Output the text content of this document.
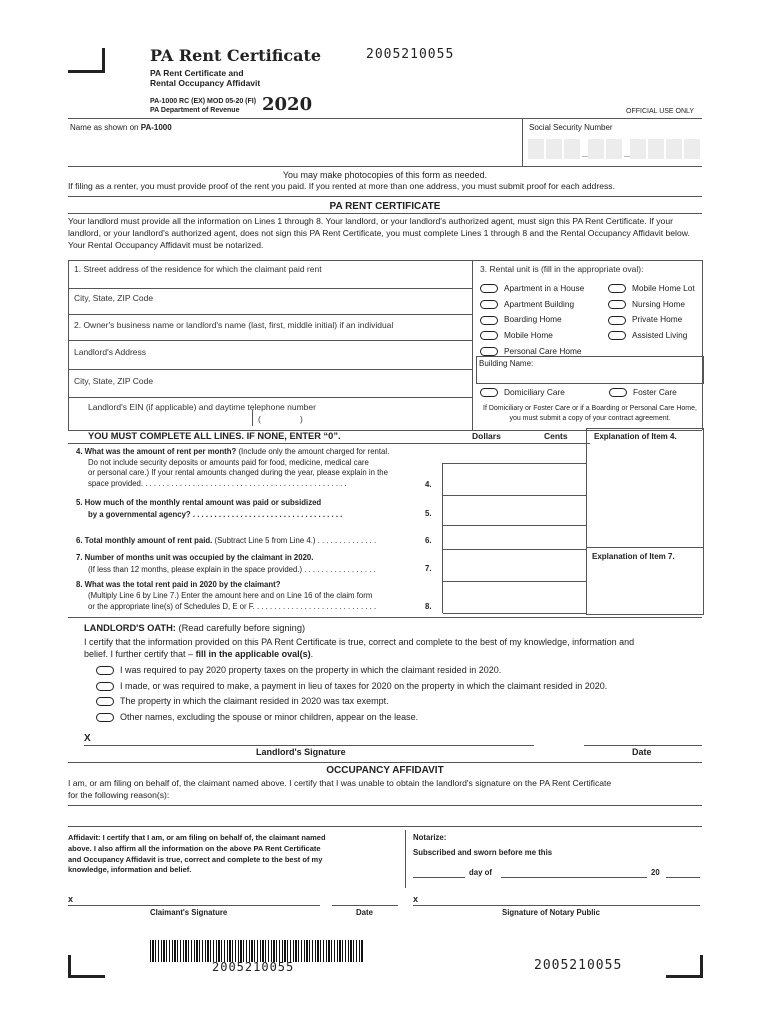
PA Rent Certificate	2005210055
PA Rent Certificate and
Rental Occupancy Affidavit
PA-1000 RC (EX) MOD 05-20 (FI)
PA Department of Revenue 2020	OFFICIAL USE ONLY
Name as shown on PA-1000	Social Security Number
You may make photocopies of this form as needed.
If filing as a renter, you must provide proof of the rent you paid. If you rented at more than one address, you must submit proof for each address.
PA RENT CERTIFICATE
Your landlord must provide all the information on Lines 1 through 8. Your landlord, or your landlord's authorized agent, must sign this PA Rent Certificate. If your landlord, or your landlord's authorized agent, does not sign this PA Rent Certificate, you must complete Lines 1 through 8 and the Rental Occupancy Affidavit below. Your Rental Occupancy Affidavit must be notarized.
1. Street address of the residence for which the claimant paid rent
City, State, ZIP Code
2. Owner's business name or landlord's name (last, first, middle initial) if an individual
Landlord's Address
City, State, ZIP Code
Landlord's EIN (if applicable) and daytime telephone number
(	)
3. Rental unit is (fill in the appropriate oval):
Apartment in a House	Mobile Home Lot
Apartment Building	Nursing Home
Boarding Home	Private Home
Mobile Home	Assisted Living
Personal Care Home
Building Name:
Domiciliary Care	Foster Care
If Domiciliary or Foster Care or if a Boarding or Personal Care Home, you must submit a copy of your contract agreement.
YOU MUST COMPLETE ALL LINES. IF NONE, ENTER “0”.	Dollars	Cents	Explanation of Item 4.
Explanation of Item 7.
4. What was the amount of rent per month? (Include only the amount charged for rental.
Do not include security deposits or amounts paid for food, medicine, medical care
or personal care.) If your rental amounts changed during the year, please explain in the
space provided. . . . . . . . . . . . . . . . . . . . . . . . . . . . . . . . . . . . . . . . . . . . . . . .	4.
5. How much of the monthly rental amount was paid or subsidized
by a governmental agency? . . . . . . . . . . . . . . . . . . . . . . . . . . . . . . . . . . .	5.
6. Total monthly amount of rent paid. (Subtract Line 5 from Line 4.) . . . . . . . . . . . . . .	6.
7. Number of months unit was occupied by the claimant in 2020.
(If less than 12 months, please explain in the space provided.) . . . . . . . . . . . . . . . . .	7.
8. What was the total rent paid in 2020 by the claimant?
(Multiply Line 6 by Line 7.) Enter the amount here and on Line 16 of the claim form
or the appropriate line(s) of Schedules D, E or F. . . . . . . . . . . . . . . . . . . . . . . . . . . . .	8.
LANDLORD'S OATH: (Read carefully before signing)
I certify that the information provided on this PA Rent Certificate is true, correct and complete to the best of my knowledge, information and
belief. I further certify that – fill in the applicable oval(s).
I was required to pay 2020 property taxes on the property in which the claimant resided in 2020.
I made, or was required to make, a payment in lieu of taxes for 2020 on the property in which the claimant resided in 2020.
The property in which the claimant resided in 2020 was tax exempt.
Other names, excluding the spouse or minor children, appear on the lease.
X
Landlord's Signature	Date
OCCUPANCY AFFIDAVIT
I am, or am filing on behalf of, the claimant named above. I certify that I was unable to obtain the landlord's signature on the PA Rent Certificate
for the following reason(s):
Affidavit: I certify that I am, or am filing on behalf of, the claimant named
above. I also affirm all the information on the above PA Rent Certificate
and Occupancy Affidavit is true, correct and complete to the best of my
knowledge, information and belief.
Notarize:
Subscribed and sworn before me this
day of	20
x	x
Claimant's Signature	Date	Signature of Notary Public
2005210055	2005210055
